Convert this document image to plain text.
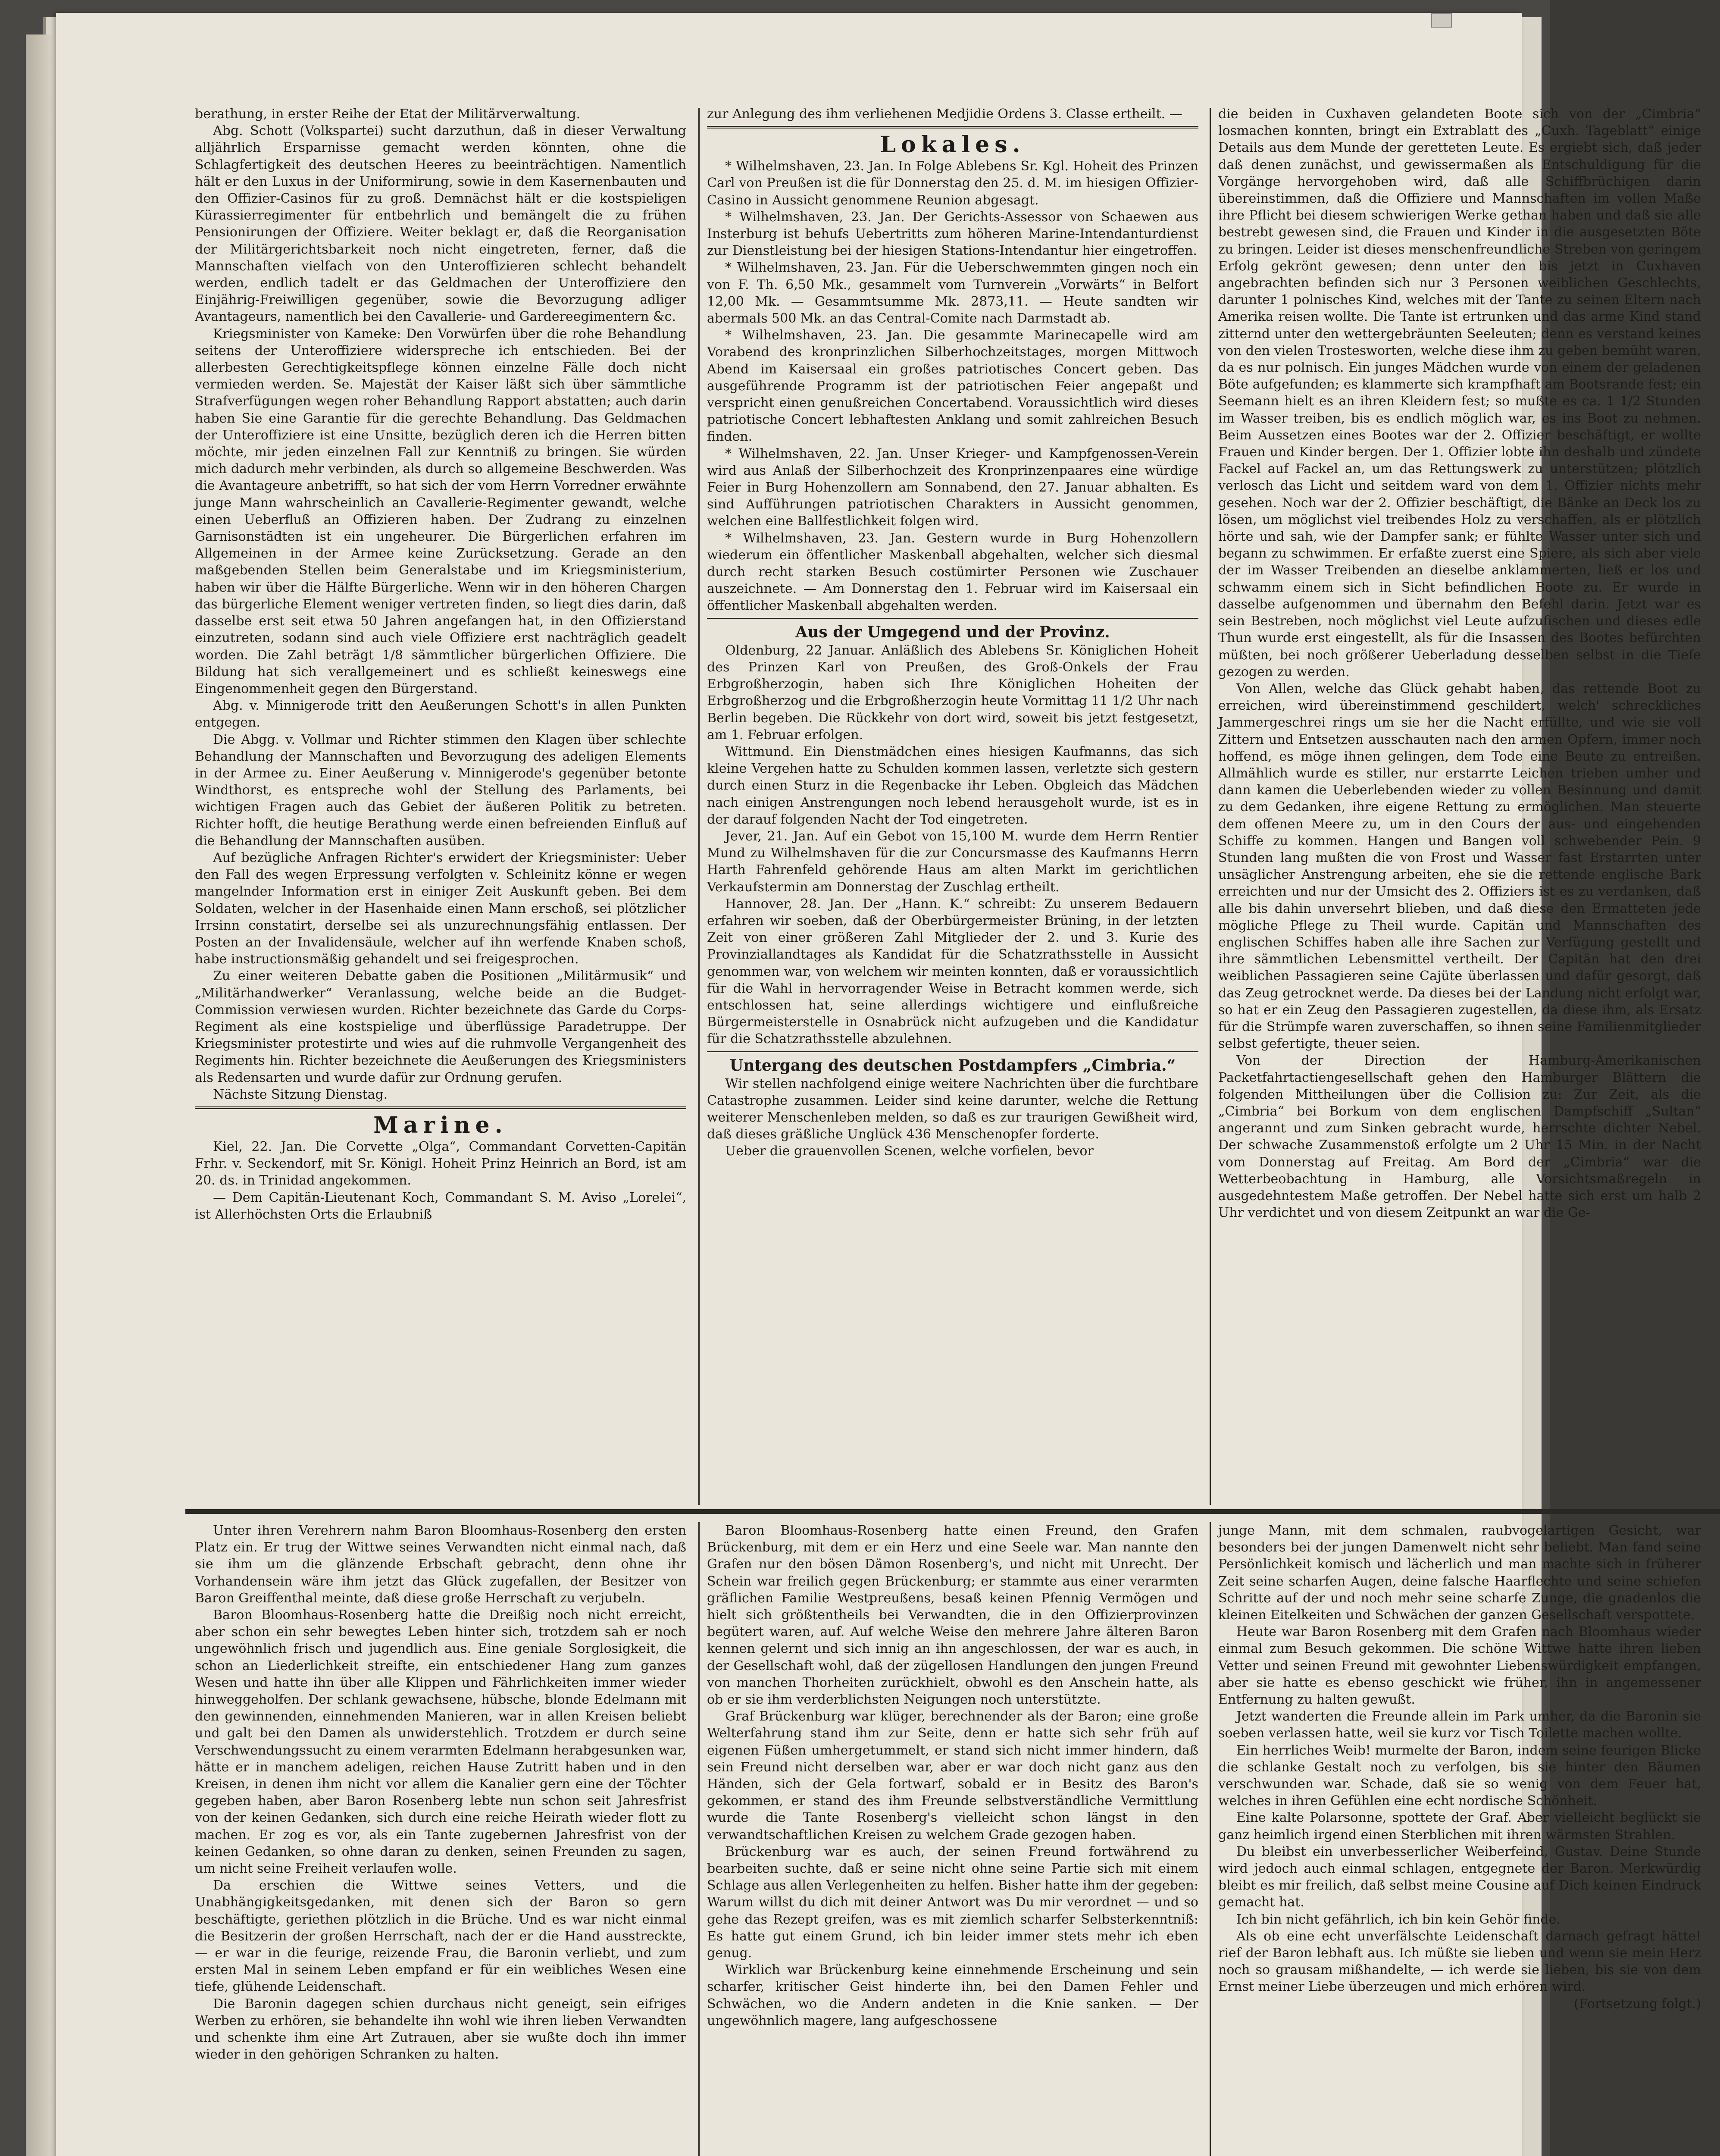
berathung, in erster Reihe der Etat der Militärverwaltung.

Abg. Schott (Volkspartei) sucht darzuthun, daß in dieser Verwaltung alljährlich Ersparnisse gemacht werden könnten, ohne die Schlagfertigkeit des deutschen Heeres zu beeinträchtigen. Namentlich hält er den Luxus in der Uniformirung, sowie in dem Kasernenbauten und den Offizier-Casinos für zu groß. Demnächst hält er die kostspieligen Kürassierregimenter für entbehrlich und bemängelt die zu frühen Pensionirungen der Offiziere. Weiter beklagt er, daß die Reorganisation der Militärgerichtsbarkeit noch nicht eingetreten, ferner, daß die Mannschaften vielfach von den Unteroffizieren schlecht behandelt werden, endlich tadelt er das Geldmachen der Unteroffiziere den Einjährig-Freiwilligen gegenüber, sowie die Bevorzugung adliger Avantageurs, namentlich bei den Cavallerie- und Gardereegimentern &c.

Kriegsminister von Kameke: Den Vorwürfen über die rohe Behandlung seitens der Unteroffiziere widerspreche ich entschieden. Bei der allerbesten Gerechtigkeitspflege können einzelne Fälle doch nicht vermieden werden. Se. Majestät der Kaiser läßt sich über sämmtliche Strafverfügungen wegen roher Behandlung Rapport abstatten; auch darin haben Sie eine Garantie für die gerechte Behandlung. Das Geldmachen der Unteroffiziere ist eine Unsitte, bezüglich deren ich die Herren bitten möchte, mir jeden einzelnen Fall zur Kenntniß zu bringen. Sie würden mich dadurch mehr verbinden, als durch so allgemeine Beschwerden. Was die Avantageure anbetrifft, so hat sich der vom Herrn Vorredner erwähnte junge Mann wahrscheinlich an Cavallerie-Regimenter gewandt, welche einen Ueberfluß an Offizieren haben. Der Zudrang zu einzelnen Garnisonstädten ist ein ungeheurer. Die Bürgerlichen erfahren im Allgemeinen in der Armee keine Zurücksetzung. Gerade an den maßgebenden Stellen beim Generalstabe und im Kriegsministerium, haben wir über die Hälfte Bürgerliche. Wenn wir in den höheren Chargen das bürgerliche Element weniger vertreten finden, so liegt dies darin, daß dasselbe erst seit etwa 50 Jahren angefangen hat, in den Offizierstand einzutreten, sodann sind auch viele Offiziere erst nachträglich geadelt worden. Die Zahl beträgt 1/8 sämmtlicher bürgerlichen Offiziere. Die Bildung hat sich verallgemeinert und es schließt keineswegs eine Eingenommenheit gegen den Bürgerstand.

Abg. v. Minnigerode tritt den Aeußerungen Schott's in allen Punkten entgegen.

Die Abgg. v. Vollmar und Richter stimmen den Klagen über schlechte Behandlung der Mannschaften und Bevorzugung des adeligen Elements in der Armee zu. Einer Aeußerung v. Minnigerode's gegenüber betonte Windthorst, es entspreche wohl der Stellung des Parlaments, bei wichtigen Fragen auch das Gebiet der äußeren Politik zu betreten. Richter hofft, die heutige Berathung werde einen befreienden Einfluß auf die Behandlung der Mannschaften ausüben.

Auf bezügliche Anfragen Richter's erwidert der Kriegsminister: Ueber den Fall des wegen Erpressung verfolgten v. Schleinitz könne er wegen mangelnder Information erst in einiger Zeit Auskunft geben. Bei dem Soldaten, welcher in der Hasenhaide einen Mann erschoß, sei plötzlicher Irrsinn constatirt, derselbe sei als unzurechnungsfähig entlassen. Der Posten an der Invalidensäule, welcher auf ihn werfende Knaben schoß, habe instructionsmäßig gehandelt und sei freigesprochen.

Zu einer weiteren Debatte gaben die Positionen „Militärmusik“ und „Militärhandwerker“ Veranlassung, welche beide an die Budget-Commission verwiesen wurden. Richter bezeichnete das Garde du Corps-Regiment als eine kostspielige und überflüssige Paradetruppe. Der Kriegsminister protestirte und wies auf die ruhmvolle Vergangenheit des Regiments hin. Richter bezeichnete die Aeußerungen des Kriegsministers als Redensarten und wurde dafür zur Ordnung gerufen.

Nächste Sitzung Dienstag.

Marine.

Kiel, 22. Jan. Die Corvette „Olga“, Commandant Corvetten-Capitän Frhr. v. Seckendorf, mit Sr. Königl. Hoheit Prinz Heinrich an Bord, ist am 20. ds. in Trinidad angekommen.

— Dem Capitän-Lieutenant Koch, Commandant S. M. Aviso „Lorelei“, ist Allerhöchsten Orts die Erlaubniß

zur Anlegung des ihm verliehenen Medjidie Ordens 3. Classe ertheilt. —

Lokales.

* Wilhelmshaven, 23. Jan. In Folge Ablebens Sr. Kgl. Hoheit des Prinzen Carl von Preußen ist die für Donnerstag den 25. d. M. im hiesigen Offizier-Casino in Aussicht genommene Reunion abgesagt.

* Wilhelmshaven, 23. Jan. Der Gerichts-Assessor von Schaewen aus Insterburg ist behufs Uebertritts zum höheren Marine-Intendanturdienst zur Dienstleistung bei der hiesigen Stations-Intendantur hier eingetroffen.

* Wilhelmshaven, 23. Jan. Für die Ueberschwemmten gingen noch ein von F. Th. 6,50 Mk., gesammelt vom Turnverein „Vorwärts“ in Belfort 12,00 Mk. — Gesammtsumme Mk. 2873,11. — Heute sandten wir abermals 500 Mk. an das Central-Comite nach Darmstadt ab.

* Wilhelmshaven, 23. Jan. Die gesammte Marinecapelle wird am Vorabend des kronprinzlichen Silberhochzeitstages, morgen Mittwoch Abend im Kaisersaal ein großes patriotisches Concert geben. Das ausgeführende Programm ist der patriotischen Feier angepaßt und verspricht einen genußreichen Concertabend. Voraussichtlich wird dieses patriotische Concert lebhaftesten Anklang und somit zahlreichen Besuch finden.

* Wilhelmshaven, 22. Jan. Unser Krieger- und Kampfgenossen-Verein wird aus Anlaß der Silberhochzeit des Kronprinzenpaares eine würdige Feier in Burg Hohenzollern am Sonnabend, den 27. Januar abhalten. Es sind Aufführungen patriotischen Charakters in Aussicht genommen, welchen eine Ballfestlichkeit folgen wird.

* Wilhelmshaven, 23. Jan. Gestern wurde in Burg Hohenzollern wiederum ein öffentlicher Maskenball abgehalten, welcher sich diesmal durch recht starken Besuch costümirter Personen wie Zuschauer auszeichnete. — Am Donnerstag den 1. Februar wird im Kaisersaal ein öffentlicher Maskenball abgehalten werden.

Aus der Umgegend und der Provinz.

Oldenburg, 22 Januar. Anläßlich des Ablebens Sr. Königlichen Hoheit des Prinzen Karl von Preußen, des Groß-Onkels der Frau Erbgroßherzogin, haben sich Ihre Königlichen Hoheiten der Erbgroßherzog und die Erbgroßherzogin heute Vormittag 11 1/2 Uhr nach Berlin begeben. Die Rückkehr von dort wird, soweit bis jetzt festgesetzt, am 1. Februar erfolgen.

Wittmund. Ein Dienstmädchen eines hiesigen Kaufmanns, das sich kleine Vergehen hatte zu Schulden kommen lassen, verletzte sich gestern durch einen Sturz in die Regenbacke ihr Leben. Obgleich das Mädchen nach einigen Anstrengungen noch lebend herausgeholt wurde, ist es in der darauf folgenden Nacht der Tod eingetreten.

Jever, 21. Jan. Auf ein Gebot von 15,100 M. wurde dem Herrn Rentier Mund zu Wilhelmshaven für die zur Concursmasse des Kaufmanns Herrn Harth Fahrenfeld gehörende Haus am alten Markt im gerichtlichen Verkaufstermin am Donnerstag der Zuschlag ertheilt.

Hannover, 28. Jan. Der „Hann. K.“ schreibt: Zu unserem Bedauern erfahren wir soeben, daß der Oberbürgermeister Brüning, in der letzten Zeit von einer größeren Zahl Mitglieder der 2. und 3. Kurie des Provinziallandtages als Kandidat für die Schatzrathsstelle in Aussicht genommen war, von welchem wir meinten konnten, daß er voraussichtlich für die Wahl in hervorragender Weise in Betracht kommen werde, sich entschlossen hat, seine allerdings wichtigere und einflußreiche Bürgermeisterstelle in Osnabrück nicht aufzugeben und die Kandidatur für die Schatzrathsstelle abzulehnen.

Untergang des deutschen Postdampfers „Cimbria.“

Wir stellen nachfolgend einige weitere Nachrichten über die furchtbare Catastrophe zusammen. Leider sind keine darunter, welche die Rettung weiterer Menschenleben melden, so daß es zur traurigen Gewißheit wird, daß dieses gräßliche Unglück 436 Menschenopfer forderte.

Ueber die grauenvollen Scenen, welche vorfielen, bevor

die beiden in Cuxhaven gelandeten Boote sich von der „Cimbria“ losmachen konnten, bringt ein Extrablatt des „Cuxh. Tageblatt“ einige Details aus dem Munde der geretteten Leute. Es ergiebt sich, daß jeder daß denen zunächst, und gewissermaßen als Entschuldigung für die Vorgänge hervorgehoben wird, daß alle Schiffbrüchigen darin übereinstimmen, daß die Offiziere und Mannschaften im vollen Maße ihre Pflicht bei diesem schwierigen Werke gethan haben und daß sie alle bestrebt gewesen sind, die Frauen und Kinder in die ausgesetzten Böte zu bringen. Leider ist dieses menschenfreundliche Streben von geringem Erfolg gekrönt gewesen; denn unter den bis jetzt in Cuxhaven angebrachten befinden sich nur 3 Personen weiblichen Geschlechts, darunter 1 polnisches Kind, welches mit der Tante zu seinen Eltern nach Amerika reisen wollte. Die Tante ist ertrunken und das arme Kind stand zitternd unter den wettergebräunten Seeleuten; denn es verstand keines von den vielen Trostesworten, welche diese ihm zu geben bemüht waren, da es nur polnisch. Ein junges Mädchen wurde von einem der geladenen Böte aufgefunden; es klammerte sich krampfhaft am Bootsrande fest; ein Seemann hielt es an ihren Kleidern fest; so mußte es ca. 1 1/2 Stunden im Wasser treiben, bis es endlich möglich war, es ins Boot zu nehmen. Beim Aussetzen eines Bootes war der 2. Offizier beschäftigt, er wollte Frauen und Kinder bergen. Der 1. Offizier lobte ihn deshalb und zündete Fackel auf Fackel an, um das Rettungswerk zu unterstützen; plötzlich verlosch das Licht und seitdem ward von dem 1. Offizier nichts mehr gesehen. Noch war der 2. Offizier beschäftigt, die Bänke an Deck los zu lösen, um möglichst viel treibendes Holz zu verschaffen, als er plötzlich hörte und sah, wie der Dampfer sank; er fühlte Wasser unter sich und begann zu schwimmen. Er erfaßte zuerst eine Spiere, als sich aber viele der im Wasser Treibenden an dieselbe anklammerten, ließ er los und schwamm einem sich in Sicht befindlichen Boote zu. Er wurde in dasselbe aufgenommen und übernahm den Befehl darin. Jetzt war es sein Bestreben, noch möglichst viel Leute aufzufischen und dieses edle Thun wurde erst eingestellt, als für die Insassen des Bootes befürchten müßten, bei noch größerer Ueberladung desselben selbst in die Tiefe gezogen zu werden.

Von Allen, welche das Glück gehabt haben, das rettende Boot zu erreichen, wird übereinstimmend geschildert, welch' schreckliches Jammergeschrei rings um sie her die Nacht erfüllte, und wie sie voll Zittern und Entsetzen ausschauten nach den armen Opfern, immer noch hoffend, es möge ihnen gelingen, dem Tode eine Beute zu entreißen. Allmählich wurde es stiller, nur erstarrte Leichen trieben umher und dann kamen die Ueberlebenden wieder zu vollen Besinnung und damit zu dem Gedanken, ihre eigene Rettung zu ermöglichen. Man steuerte dem offenen Meere zu, um in den Cours der aus- und eingehenden Schiffe zu kommen. Hangen und Bangen voll schwebender Pein. 9 Stunden lang mußten die von Frost und Wasser fast Erstarrten unter unsäglicher Anstrengung arbeiten, ehe sie die rettende englische Bark erreichten und nur der Umsicht des 2. Offiziers ist es zu verdanken, daß alle bis dahin unversehrt blieben, und daß diese den Ermatteten jede mögliche Pflege zu Theil wurde. Capitän und Mannschaften des englischen Schiffes haben alle ihre Sachen zur Verfügung gestellt und ihre sämmtlichen Lebensmittel vertheilt. Der Capitän hat den drei weiblichen Passagieren seine Cajüte überlassen und dafür gesorgt, daß das Zeug getrocknet werde. Da dieses bei der Landung nicht erfolgt war, so hat er ein Zeug den Passagieren zugestellen, da diese ihm, als Ersatz für die Strümpfe waren zuverschaffen, so ihnen seine Familienmitglieder selbst gefertigte, theuer seien.

Von der Direction der Hamburg-Amerikanischen Packetfahrtactiengesellschaft gehen den Hamburger Blättern die folgenden Mittheilungen über die Collision zu: Zur Zeit, als die „Cimbria“ bei Borkum von dem englischen Dampfschiff „Sultan“ angerannt und zum Sinken gebracht wurde, herrschte dichter Nebel. Der schwache Zusammenstoß erfolgte um 2 Uhr 15 Min. in der Nacht vom Donnerstag auf Freitag. Am Bord der „Cimbria“ war die Wetterbeobachtung in Hamburg, alle Vorsichtsmaßregeln in ausgedehntestem Maße getroffen. Der Nebel hatte sich erst um halb 2 Uhr verdichtet und von diesem Zeitpunkt an war die Ge-

Unter ihren Verehrern nahm Baron Bloomhaus-Rosenberg den ersten Platz ein. Er trug der Wittwe seines Verwandten nicht einmal nach, daß sie ihm um die glänzende Erbschaft gebracht, denn ohne ihr Vorhandensein wäre ihm jetzt das Glück zugefallen, der Besitzer von Baron Greiffenthal meinte, daß diese große Herrschaft zu verjubeln.

Baron Bloomhaus-Rosenberg hatte die Dreißig noch nicht erreicht, aber schon ein sehr bewegtes Leben hinter sich, trotzdem sah er noch ungewöhnlich frisch und jugendlich aus. Eine geniale Sorglosigkeit, die schon an Liederlichkeit streifte, ein entschiedener Hang zum ganzes Wesen und hatte ihn über alle Klippen und Fährlichkeiten immer wieder hinweggeholfen. Der schlank gewachsene, hübsche, blonde Edelmann mit den gewinnenden, einnehmenden Manieren, war in allen Kreisen beliebt und galt bei den Damen als unwiderstehlich. Trotzdem er durch seine Verschwendungssucht zu einem verarmten Edelmann herabgesunken war, hätte er in manchem adeligen, reichen Hause Zutritt haben und in den Kreisen, in denen ihm nicht vor allem die Kanalier gern eine der Töchter gegeben haben, aber Baron Rosenberg lebte nun schon seit Jahresfrist von der keinen Gedanken, sich durch eine reiche Heirath wieder flott zu machen. Er zog es vor, als ein Tante zugebernen Jahresfrist von der keinen Gedanken, so ohne daran zu denken, seinen Freunden zu sagen, um nicht seine Freiheit verlaufen wolle.

Da erschien die Wittwe seines Vetters, und die Unabhängigkeitsgedanken, mit denen sich der Baron so gern beschäftigte, geriethen plötzlich in die Brüche. Und es war nicht einmal die Besitzerin der großen Herrschaft, nach der er die Hand ausstreckte, — er war in die feurige, reizende Frau, die Baronin verliebt, und zum ersten Mal in seinem Leben empfand er für ein weibliches Wesen eine tiefe, glühende Leidenschaft.

Die Baronin dagegen schien durchaus nicht geneigt, sein eifriges Werben zu erhören, sie behandelte ihn wohl wie ihren lieben Verwandten und schenkte ihm eine Art Zutrauen, aber sie wußte doch ihn immer wieder in den gehörigen Schranken zu halten.

Baron Bloomhaus-Rosenberg hatte einen Freund, den Grafen Brückenburg, mit dem er ein Herz und eine Seele war. Man nannte den Grafen nur den bösen Dämon Rosenberg's, und nicht mit Unrecht. Der Schein war freilich gegen Brückenburg; er stammte aus einer verarmten gräflichen Familie Westpreußens, besaß keinen Pfennig Vermögen und hielt sich größtentheils bei Verwandten, die in den Offizierprovinzen begütert waren, auf. Auf welche Weise den mehrere Jahre älteren Baron kennen gelernt und sich innig an ihn angeschlossen, der war es auch, in der Gesellschaft wohl, daß der zügellosen Handlungen den jungen Freund von manchen Thorheiten zurückhielt, obwohl es den Anschein hatte, als ob er sie ihm verderblichsten Neigungen noch unterstützte.

Graf Brückenburg war klüger, berechnender als der Baron; eine große Welterfahrung stand ihm zur Seite, denn er hatte sich sehr früh auf eigenen Füßen umhergetummelt, er stand sich nicht immer hindern, daß sein Freund nicht derselben war, aber er war doch nicht ganz aus den Händen, sich der Gela fortwarf, sobald er in Besitz des Baron's gekommen, er stand des ihm Freunde selbstverständliche Vermittlung wurde die Tante Rosenberg's vielleicht schon längst in den verwandtschaftlichen Kreisen zu welchem Grade gezogen haben.

Brückenburg war es auch, der seinen Freund fortwährend zu bearbeiten suchte, daß er seine nicht ohne seine Partie sich mit einem Schlage aus allen Verlegenheiten zu helfen. Bisher hatte ihm der gegeben: Warum willst du dich mit deiner Antwort was Du mir verordnet — und so gehe das Rezept greifen, was es mit ziemlich scharfer Selbsterkenntniß: Es hatte gut einem Grund, ich bin leider immer stets mehr ich eben genug.

Wirklich war Brückenburg keine einnehmende Erscheinung und sein scharfer, kritischer Geist hinderte ihn, bei den Damen Fehler und Schwächen, wo die Andern andeten in die Knie sanken. — Der ungewöhnlich magere, lang aufgeschossene

junge Mann, mit dem schmalen, raubvogelartigen Gesicht, war besonders bei der jungen Damenwelt nicht sehr beliebt. Man fand seine Persönlichkeit komisch und lächerlich und man machte sich in früherer Zeit seine scharfen Augen, deine falsche Haarflechte und seine schiefen Schritte auf der und noch mehr seine scharfe Zunge, die gnadenlos die kleinen Eitelkeiten und Schwächen der ganzen Gesellschaft verspottete.

Heute war Baron Rosenberg mit dem Grafen nach Bloomhaus wieder einmal zum Besuch gekommen. Die schöne Wittwe hatte ihren lieben Vetter und seinen Freund mit gewohnter Liebenswürdigkeit empfangen, aber sie hatte es ebenso geschickt wie früher, ihn in angemessener Entfernung zu halten gewußt.

Jetzt wanderten die Freunde allein im Park umher, da die Baronin sie soeben verlassen hatte, weil sie kurz vor Tisch Toilette machen wollte.

Ein herrliches Weib! murmelte der Baron, indem seine feurigen Blicke die schlanke Gestalt noch zu verfolgen, bis sie hinter den Bäumen verschwunden war. Schade, daß sie so wenig von dem Feuer hat, welches in ihren Gefühlen eine echt nordische Schönheit.

Eine kalte Polarsonne, spottete der Graf. Aber vielleicht beglückt sie ganz heimlich irgend einen Sterblichen mit ihren wärmsten Strahlen.

Du bleibst ein unverbesserlicher Weiberfeind, Gustav. Deine Stunde wird jedoch auch einmal schlagen, entgegnete der Baron. Merkwürdig bleibt es mir freilich, daß selbst meine Cousine auf Dich keinen Eindruck gemacht hat.

Ich bin nicht gefährlich, ich bin kein Gehör finde.

Als ob eine echt unverfälschte Leidenschaft darnach gefragt hätte! rief der Baron lebhaft aus. Ich müßte sie lieben und wenn sie mein Herz noch so grausam mißhandelte, — ich werde sie lieben, bis sie von dem Ernst meiner Liebe überzeugen und mich erhören wird.

(Fortsetzung folgt.)
